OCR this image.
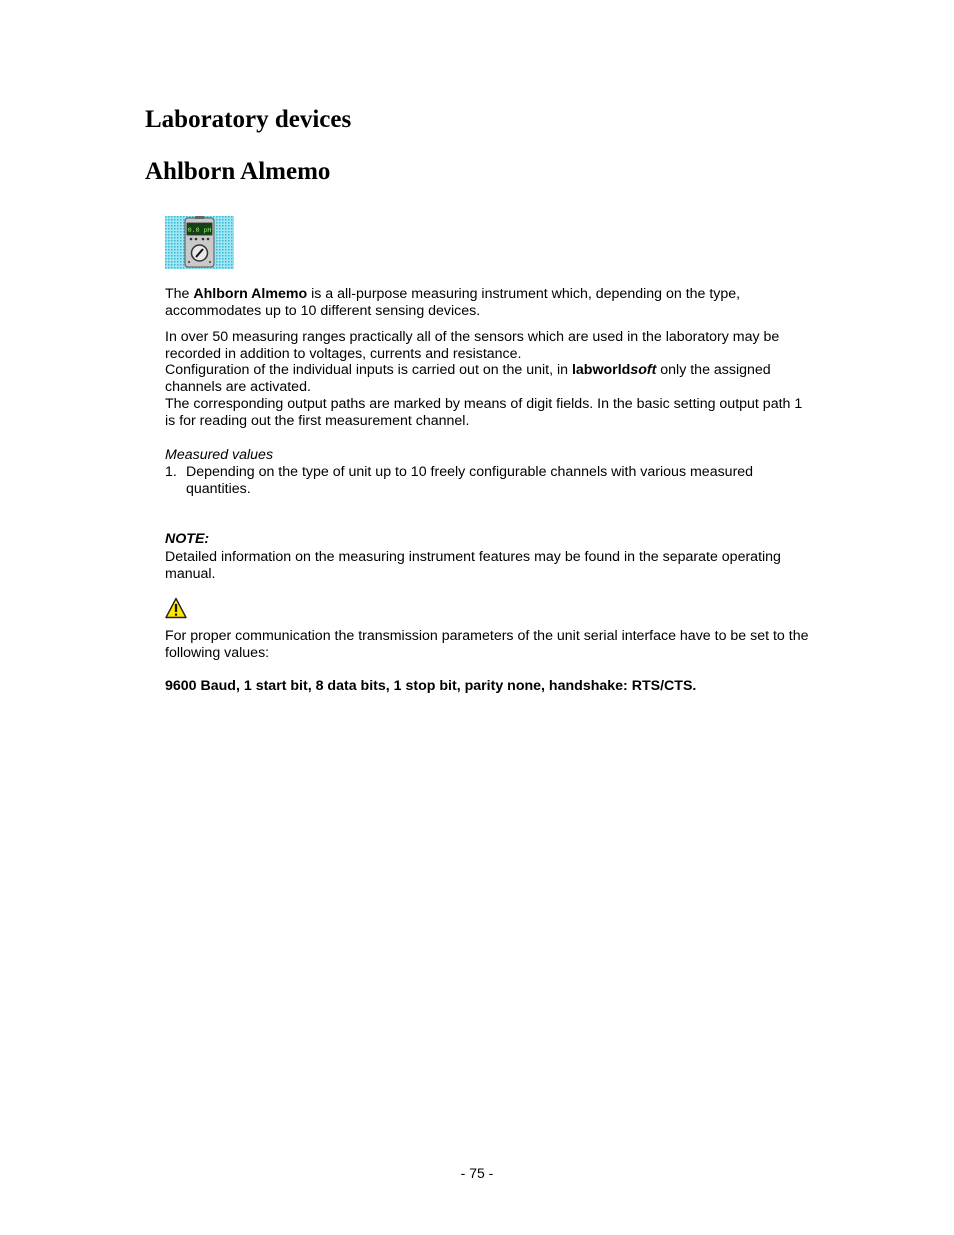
Laboratory devices
Ahlborn Almemo
0.0 pH

The Ahlborn Almemo is a all-purpose measuring instrument which, depending on the type, accommodates up to 10 different sensing devices.

In over 50 measuring ranges practically all of the sensors which are used in the laboratory may be recorded in addition to voltages, currents and resistance.

Configuration of the individual inputs is carried out on the unit, in labworldsoft only the assigned channels are activated.

The corresponding output paths are marked by means of digit fields. In the basic setting output path 1 is for reading out the first measurement channel.

Measured values

1. Depending on the type of unit up to 10 freely configurable channels with various measured quantities.

NOTE:

Detailed information on the measuring instrument features may be found in the separate operating manual.

For proper communication the transmission parameters of the unit serial interface have to be set to the following values:

9600 Baud, 1 start bit, 8 data bits, 1 stop bit, parity none, handshake: RTS/CTS.

- 75 -
